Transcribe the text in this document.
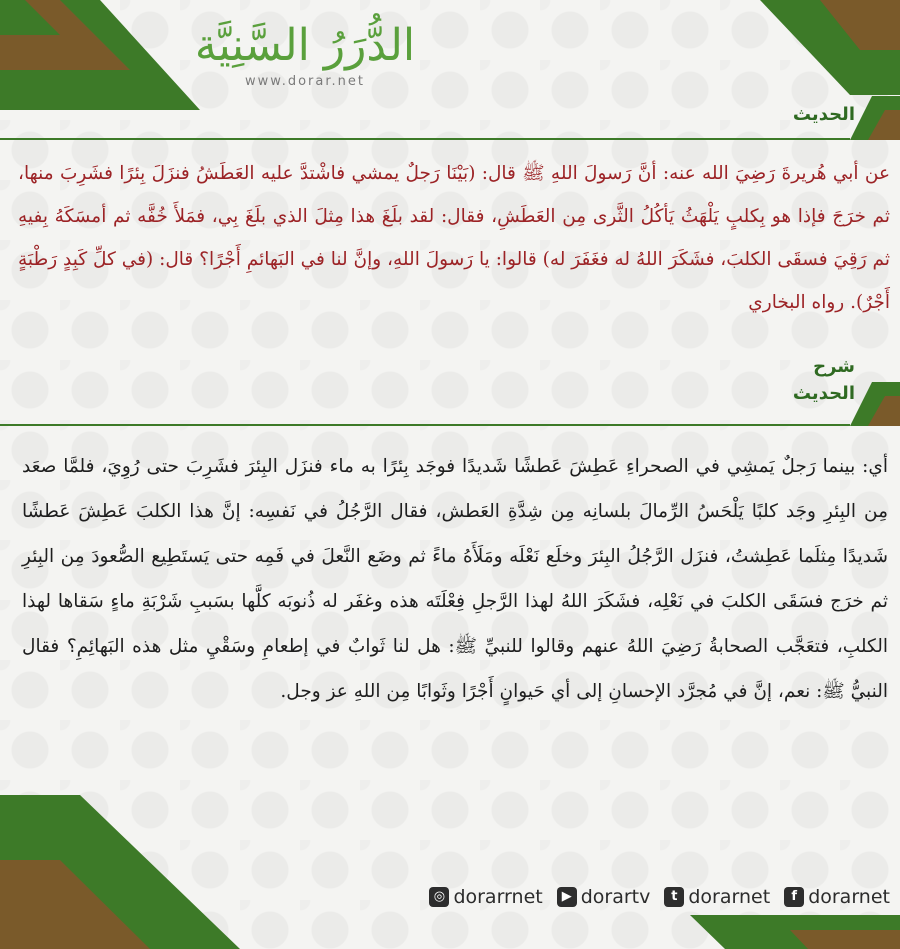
الدُّرَرُ السَّنِيَّة
www.dorar.net
الحديث
عن أبي هُريرةَ رَضِيَ الله عنه: أنَّ رَسولَ اللهِ ﷺ قال: (بَيْنَا رَجلٌ يمشي فاشْتدَّ عليه العَطَشُ فنزَلَ بِئرًا فشَرِبَ منها، ثم خرَجَ فإذا هو بِكلبٍ يَلْهَثُ يَأكُلُ الثَّرى مِن العَطَشِ، فقال: لقد بلَغَ هذا مِثلَ الذي بلَغَ بِي، فمَلأَ خُفَّه ثم أمسَكَهُ بِفيهِ ثم رَقِيَ فسقَى الكلبَ، فشَكَرَ اللهُ له فغَفَرَ له) قالوا: يا رَسولَ اللهِ، وإنَّ لنا في البَهائمِ أَجْرًا؟ قال: (في كلِّ كَبِدٍ رَطْبَةٍ أَجْرٌ). رواه البخاري
شرح
الحديث
أي: بينما رَجلٌ يَمشِي في الصحراءِ عَطِشَ عَطشًا شَديدًا فوجَد بِئرًا به ماء فنزَل البِئرَ فشَرِبَ حتى رُوِيَ، فلمَّا صعَد مِن البِئرِ وجَد كلبًا يَلْحَسُ الرِّمالَ بلسانِه مِن شِدَّةِ العَطش، فقال الرَّجُلُ في نَفسِه: إنَّ هذا الكلبَ عَطِشَ عَطشًا شَديدًا مِثلَما عَطِشتُ، فنزَل الرَّجُلُ البِئرَ وخلَع نَعْلَه ومَلَأَهُ ماءً ثم وضَع النَّعلَ في فَمِه حتى يَستَطِيع الصُّعودَ مِن البِئرِ ثم خرَج فسَقَى الكلبَ في نَعْلِه، فشَكَرَ اللهُ لهذا الرَّجلِ فِعْلَتَه هذه وغفَر له ذُنوبَه كلَّها بسَببِ شَرْبَةِ ماءٍ سَقاها لهذا الكلبِ، فتعَجَّب الصحابةُ رَضِيَ اللهُ عنهم وقالوا للنبيِّ ﷺ: هل لنا ثَوابٌ في إطعامِ وسَقْيِ مثل هذه البَهائِمِ؟ فقال النبيُّ ﷺ: نعم، إنَّ في مُجرَّد الإحسانِ إلى أي حَيوانٍ أَجْرًا وثَوابًا مِن اللهِ عز وجل.
◎ dorarrnet	▶ dorartv	t dorarnet	f dorarnet
